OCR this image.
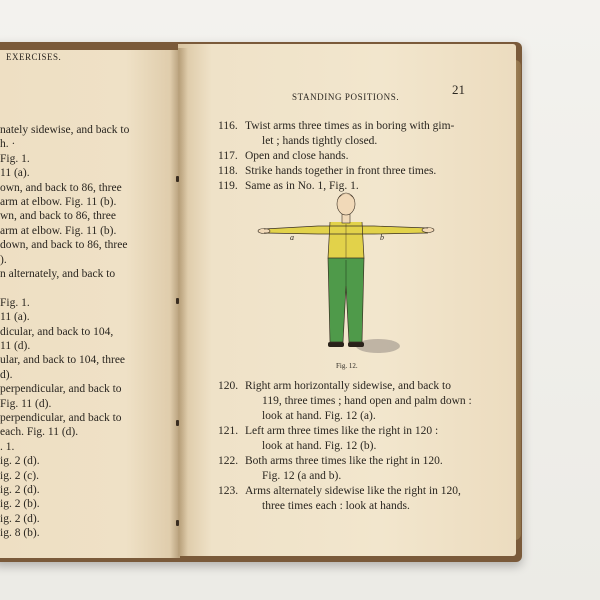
EXERCISES.
nately sidewise, and back to
h. ·
Fig. 1.
11 (a).
own, and back to 86, three
arm at elbow. Fig. 11 (b).
wn, and back to 86, three
arm at elbow. Fig. 11 (b).
down, and back to 86, three
).
n alternately, and back to
Fig. 1.
11 (a).
dicular, and back to 104,
11 (d).
ular, and back to 104, three
d).
perpendicular, and back to
Fig. 11 (d).
perpendicular, and back to
each. Fig. 11 (d).
. 1.
ig. 2 (d).
ig. 2 (c).
ig. 2 (d).
ig. 2 (b).
ig. 2 (d).
ig. 8 (b).
STANDING POSITIONS.	21
116. Twist arms three times as in boring with gim-
let ; hands tightly closed.
117. Open and close hands.
118. Strike hands together in front three times.
119. Same as in No. 1, Fig. 1.
a	b
Fig. 12.
120. Right arm horizontally sidewise, and back to
119, three times ; hand open and palm down :
look at hand. Fig. 12 (a).
121. Left arm three times like the right in 120 :
look at hand. Fig. 12 (b).
122. Both arms three times like the right in 120.
Fig. 12 (a and b).
123. Arms alternately sidewise like the right in 120,
three times each : look at hands.
